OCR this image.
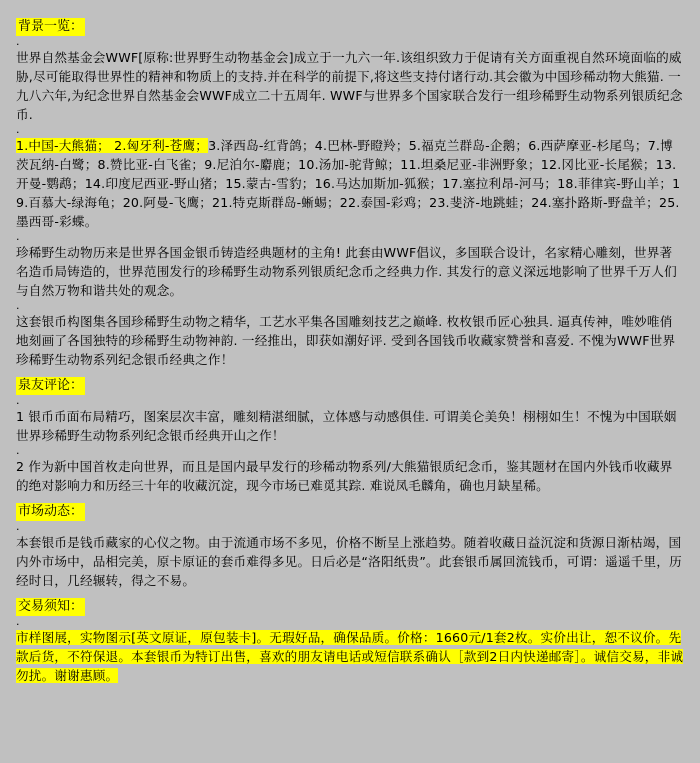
背景一览：
.

世界自然基金会WWF[原称:世界野生动物基金会]成立于一九六一年.该组织致力于促请有关方面重视自然环境面临的威胁,尽可能取得世界性的精神和物质上的支持.并在科学的前提下,将这些支持付诸行动.其会徽为中国珍稀动物大熊猫. 一九八六年,为纪念世界自然基金会WWF成立二十五周年. WWF与世界多个国家联合发行一组珍稀野生动物系列银质纪念币.

.

1.中国-大熊猫； 2.匈牙利-苍鹰；3.泽西岛-红背鸽；4.巴林-野瞪羚；5.福克兰群岛-企鹅；6.西萨摩亚-杉尾鸟；7.博茨瓦纳-白鹭；8.赞比亚-白飞雀；9.尼泊尔-麝鹿；10.汤加-驼背鲸；11.坦桑尼亚-非洲野象；12.冈比亚-长尾猴；13.开曼-鹦鹉；14.印度尼西亚-野山猪；15.蒙古-雪豹；16.马达加斯加-狐猴；17.塞拉利昂-河马；18.菲律宾-野山羊；19.百慕大-绿海龟；20.阿曼-飞鹰；21.特克斯群岛-蜥蜴；22.泰国-彩鸡；23.斐济-地跳蛙；24.塞扑路斯-野盘羊；25.墨西哥-彩蝶。

.

珍稀野生动物历来是世界各国金银币铸造经典题材的主角! 此套由WWF倡议，多国联合设计，名家精心雕刻，世界著名造币局铸造的，世界范围发行的珍稀野生动物系列银质纪念币之经典力作. 其发行的意义深远地影响了世界千万人们与自然万物和谐共处的观念。

.

这套银币构图集各国珍稀野生动物之精华，工艺水平集各国雕刻技艺之巅峰. 枚枚银币匠心独具. 逼真传神，唯妙唯俏地刻画了各国独特的珍稀野生动物神韵. 一经推出，即获如潮好评. 受到各国钱币收藏家赞誉和喜爱. 不愧为WWF世界珍稀野生动物系列纪念银币经典之作！

泉友评论：
.

1 银币币面布局精巧，图案层次丰富，雕刻精湛细腻，立体感与动感俱佳. 可谓美仑美奂！栩栩如生！不愧为中国联姻世界珍稀野生动物系列纪念银币经典开山之作！

.

2 作为新中国首枚走向世界，而且是国内最早发行的珍稀动物系列/大熊猫银质纪念币，鉴其题材在国内外钱币收藏界的绝对影响力和历经三十年的收藏沉淀，现今市场已难觅其踪. 难说凤毛麟角，确也月缺星稀。

市场动态：
.

本套银币是钱币藏家的心仪之物。由于流通市场不多见，价格不断呈上涨趋势。随着收藏日益沉淀和货源日渐枯竭，国内外市场中，品相完美，原卡原证的套币难得多见。日后必是“洛阳纸贵”。此套银币属回流钱币，可谓：遥遥千里，历经时日，几经辗转，得之不易。

交易须知：
.

市样图展，实物图示[英文原证，原包装卡]。无瑕好品，确保品质。价格：1660元/1套2枚。实价出让，恕不议价。先款后货，不符保退。本套银币为特订出售，喜欢的朋友请电话或短信联系确认［款到2日内快递邮寄］。诚信交易，非诚勿扰。谢谢惠顾。
